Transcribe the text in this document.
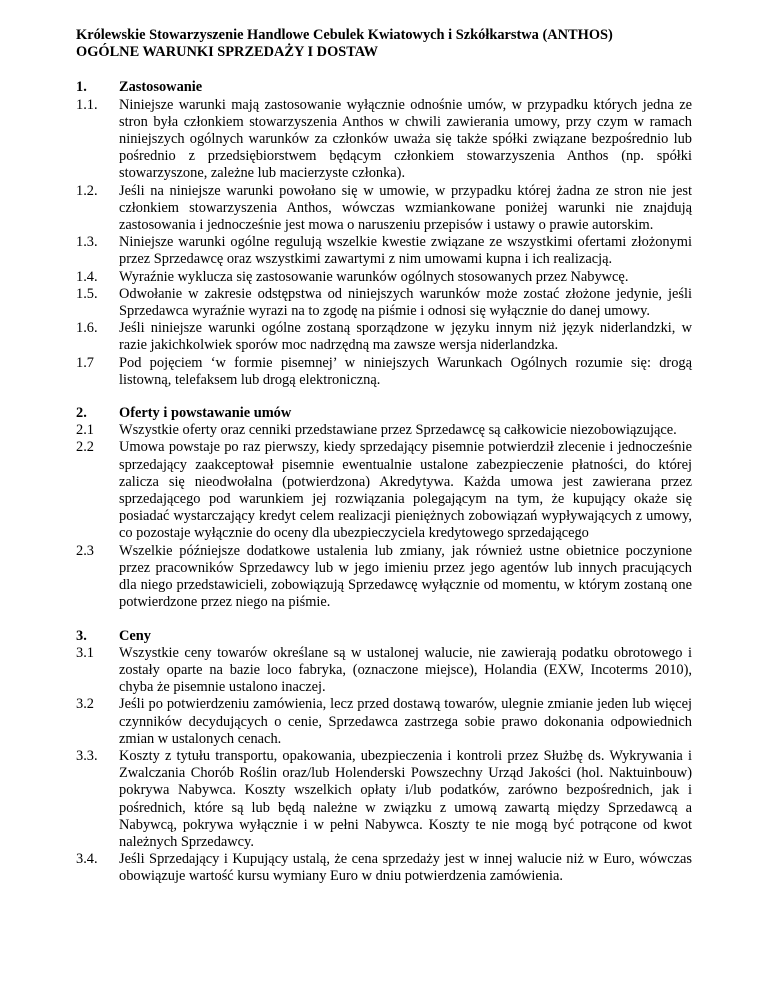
Królewskie Stowarzyszenie Handlowe Cebulek Kwiatowych i Szkółkarstwa (ANTHOS)
OGÓLNE WARUNKI SPRZEDAŻY I DOSTAW
1.	Zastosowanie
1.1.	Niniejsze warunki mają zastosowanie wyłącznie odnośnie umów, w przypadku których jedna ze stron była członkiem stowarzyszenia Anthos w chwili zawierania umowy, przy czym w ramach niniejszych ogólnych warunków za członków uważa się także spółki związane bezpośrednio lub pośrednio z przedsiębiorstwem będącym członkiem stowarzyszenia Anthos (np. spółki stowarzyszone, zależne lub macierzyste członka).
1.2.	Jeśli na niniejsze warunki powołano się w umowie, w przypadku której żadna ze stron nie jest członkiem stowarzyszenia Anthos, wówczas wzmiankowane poniżej warunki nie znajdują zastosowania i jednocześnie jest mowa o naruszeniu przepisów i ustawy o prawie autorskim.
1.3.	Niniejsze warunki ogólne regulują wszelkie kwestie związane ze wszystkimi ofertami złożonymi przez Sprzedawcę oraz wszystkimi zawartymi z nim umowami kupna i ich realizacją.
1.4.	Wyraźnie wyklucza się zastosowanie warunków ogólnych stosowanych przez Nabywcę.
1.5.	Odwołanie w zakresie odstępstwa od niniejszych warunków może zostać złożone jedynie, jeśli Sprzedawca wyraźnie wyrazi na to zgodę na piśmie i odnosi się wyłącznie do danej umowy.
1.6.	Jeśli niniejsze warunki ogólne zostaną sporządzone w języku innym niż język niderlandzki, w razie jakichkolwiek sporów moc nadrzędną ma zawsze wersja niderlandzka.
1.7	Pod pojęciem ‘w formie pisemnej’ w niniejszych Warunkach Ogólnych rozumie się: drogą listowną, telefaksem lub drogą elektroniczną.
2.	Oferty i powstawanie umów
2.1	Wszystkie oferty oraz cenniki przedstawiane przez Sprzedawcę są całkowicie niezobowiązujące.
2.2	Umowa powstaje po raz pierwszy, kiedy sprzedający pisemnie potwierdził zlecenie i jednocześnie sprzedający zaakceptował pisemnie ewentualnie ustalone zabezpieczenie płatności, do której zalicza się nieodwołalna (potwierdzona) Akredytywa. Każda umowa jest zawierana przez sprzedającego pod warunkiem jej rozwiązania polegającym na tym, że kupujący okaże się posiadać wystarczający kredyt celem realizacji pieniężnych zobowiązań wypływających z umowy, co pozostaje wyłącznie do oceny dla ubezpieczyciela kredytowego sprzedającego
2.3	Wszelkie późniejsze dodatkowe ustalenia lub zmiany, jak również ustne obietnice poczynione przez pracowników Sprzedawcy lub w jego imieniu przez jego agentów lub innych pracujących dla niego przedstawicieli, zobowiązują Sprzedawcę wyłącznie od momentu, w którym zostaną one potwierdzone przez niego na piśmie.
3.	Ceny
3.1	Wszystkie ceny towarów określane są w ustalonej walucie, nie zawierają podatku obrotowego i zostały oparte na bazie loco fabryka, (oznaczone miejsce), Holandia (EXW, Incoterms 2010), chyba że pisemnie ustalono inaczej.
3.2	Jeśli po potwierdzeniu zamówienia, lecz przed dostawą towarów, ulegnie zmianie jeden lub więcej czynników decydujących o cenie, Sprzedawca zastrzega sobie prawo dokonania odpowiednich zmian w ustalonych cenach.
3.3.	Koszty z tytułu transportu, opakowania, ubezpieczenia i kontroli przez Służbę ds. Wykrywania i Zwalczania Chorób Roślin oraz/lub Holenderski Powszechny Urząd Jakości (hol. Naktuinbouw) pokrywa Nabywca. Koszty wszelkich opłaty i/lub podatków, zarówno bezpośrednich, jak i pośrednich, które są lub będą należne w związku z umową zawartą między Sprzedawcą a Nabywcą, pokrywa wyłącznie i w pełni Nabywca. Koszty te nie mogą być potrącone od kwot należnych Sprzedawcy.
3.4.	Jeśli Sprzedający i Kupujący ustalą, że cena sprzedaży jest w innej walucie niż w Euro, wówczas obowiązuje wartość kursu wymiany Euro w dniu potwierdzenia zamówienia.
